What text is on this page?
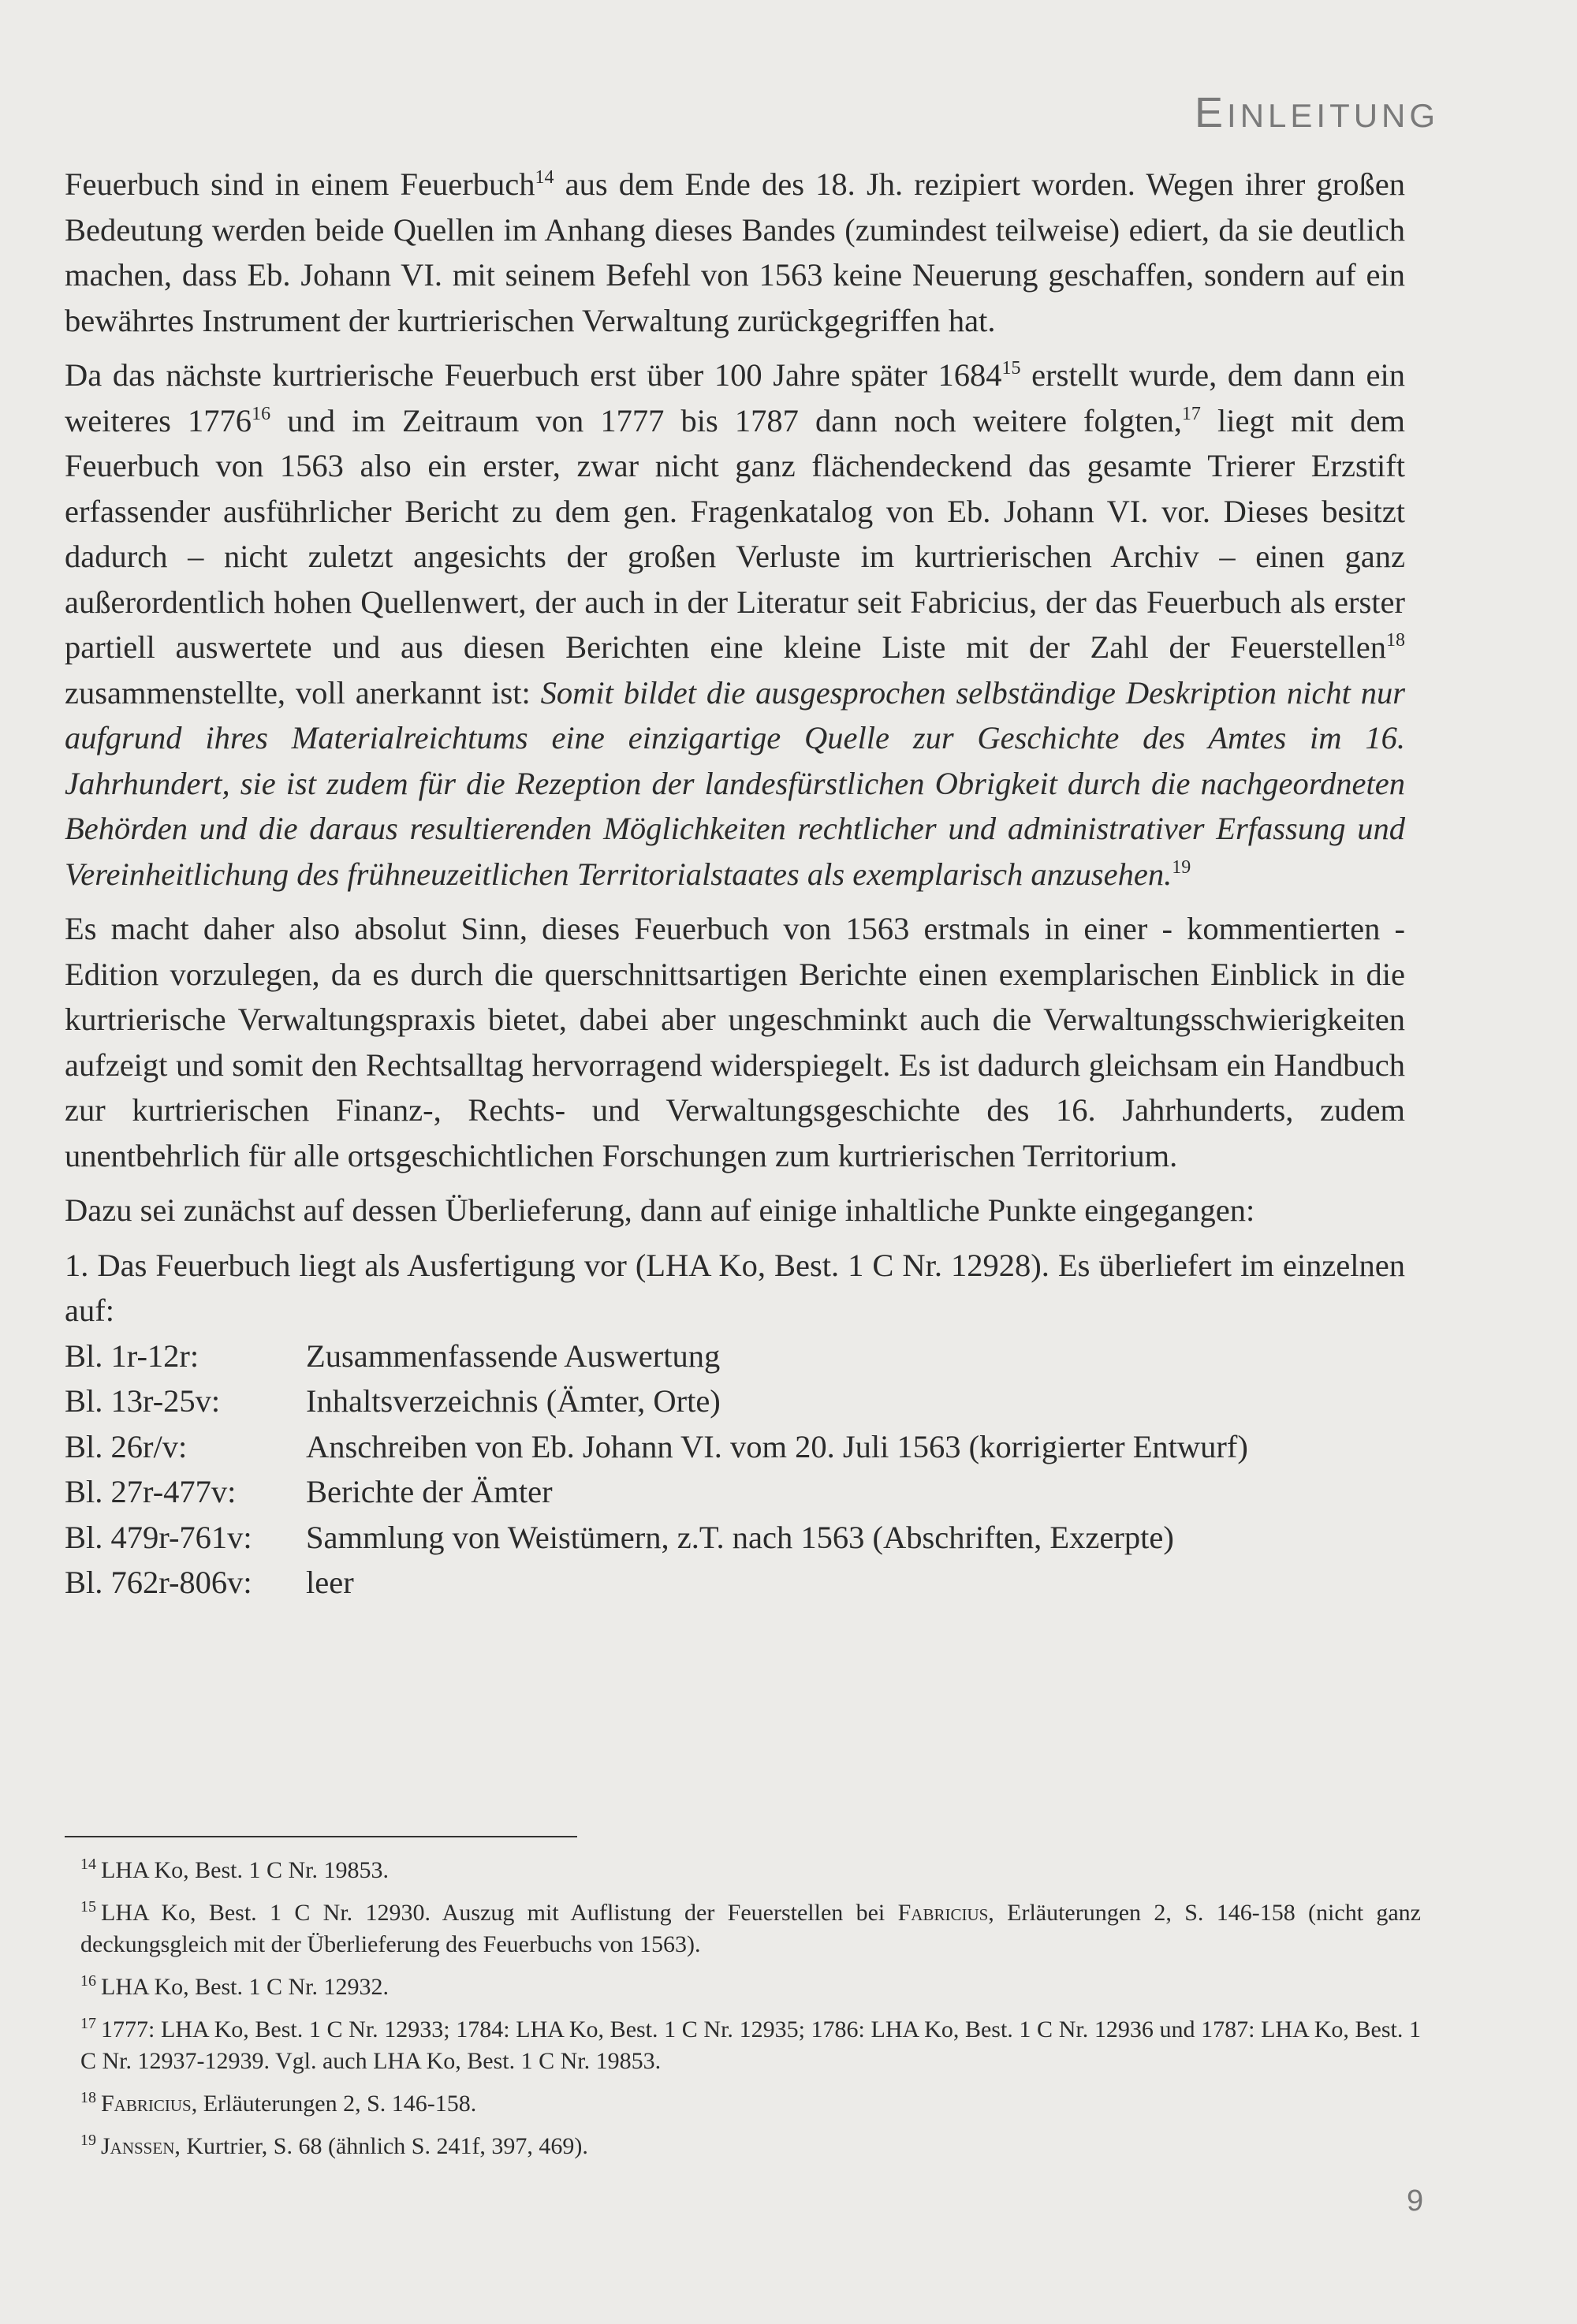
EINLEITUNG

Feuerbuch sind in einem Feuerbuch$^{14}$ aus dem Ende des 18. Jh. rezipiert worden. Wegen ihrer großen Bedeutung werden beide Quellen im Anhang dieses Bandes (zumindest teilweise) ediert, da sie deutlich machen, dass Eb. Johann VI. mit seinem Befehl von 1563 keine Neuerung geschaffen, sondern auf ein bewährtes Instrument der kurtrierischen Verwaltung zurückgegriffen hat.

Da das nächste kurtrierische Feuerbuch erst über 100 Jahre später 1684$^{15}$ erstellt wurde, dem dann ein weiteres 1776$^{16}$ und im Zeitraum von 1777 bis 1787 dann noch weitere folgten,$^{17}$ liegt mit dem Feuerbuch von 1563 also ein erster, zwar nicht ganz flächendeckend das gesamte Trierer Erzstift erfassender ausführlicher Bericht zu dem gen. Fragenkatalog von Eb. Johann VI. vor. Dieses besitzt dadurch – nicht zuletzt angesichts der großen Verluste im kurtrierischen Archiv – einen ganz außerordentlich hohen Quellenwert, der auch in der Literatur seit Fabricius, der das Feuerbuch als erster partiell auswertete und aus diesen Berichten eine kleine Liste mit der Zahl der Feuerstellen$^{18}$ zusammenstellte, voll anerkannt ist: Somit bildet die ausgesprochen selbständige Deskription nicht nur aufgrund ihres Materialreichtums eine einzigartige Quelle zur Geschichte des Amtes im 16. Jahrhundert, sie ist zudem für die Rezeption der landesfürstlichen Obrigkeit durch die nachgeordneten Behörden und die daraus resultierenden Möglichkeiten rechtlicher und administrativer Erfassung und Vereinheitlichung des frühneuzeitlichen Territorialstaates als exemplarisch anzusehen.$^{19}$

Es macht daher also absolut Sinn, dieses Feuerbuch von 1563 erstmals in einer - kommentierten - Edition vorzulegen, da es durch die querschnittsartigen Berichte einen exemplarischen Einblick in die kurtrierische Verwaltungspraxis bietet, dabei aber ungeschminkt auch die Verwaltungsschwierigkeiten aufzeigt und somit den Rechtsalltag hervorragend widerspiegelt. Es ist dadurch gleichsam ein Handbuch zur kurtrierischen Finanz-, Rechts- und Verwaltungsgeschichte des 16. Jahrhunderts, zudem unentbehrlich für alle ortsgeschichtlichen Forschungen zum kurtrierischen Territorium.

Dazu sei zunächst auf dessen Überlieferung, dann auf einige inhaltliche Punkte eingegangen:

1. Das Feuerbuch liegt als Ausfertigung vor (LHA Ko, Best. 1 C Nr. 12928). Es überliefert im einzelnen auf:

Bl. 1r-12r:	Zusammenfassende Auswertung
Bl. 13r-25v:	Inhaltsverzeichnis (Ämter, Orte)
Bl. 26r/v:	Anschreiben von Eb. Johann VI. vom 20. Juli 1563 (korrigierter Entwurf)
Bl. 27r-477v:	Berichte der Ämter
Bl. 479r-761v:	Sammlung von Weistümern, z.T. nach 1563 (Abschriften, Exzerpte)
Bl. 762r-806v:	leer
$^{14}$ LHA Ko, Best. 1 C Nr. 19853.
$^{15}$ LHA Ko, Best. 1 C Nr. 12930. Auszug mit Auflistung der Feuerstellen bei Fabricius, Erläuterungen 2, S. 146-158 (nicht ganz deckungsgleich mit der Überlieferung des Feuerbuchs von 1563).
$^{16}$ LHA Ko, Best. 1 C Nr. 12932.
$^{17}$ 1777: LHA Ko, Best. 1 C Nr. 12933; 1784: LHA Ko, Best. 1 C Nr. 12935; 1786: LHA Ko, Best. 1 C Nr. 12936 und 1787: LHA Ko, Best. 1 C Nr. 12937-12939. Vgl. auch LHA Ko, Best. 1 C Nr. 19853.
$^{18}$ Fabricius, Erläuterungen 2, S. 146-158.
$^{19}$ Janssen, Kurtrier, S. 68 (ähnlich S. 241f, 397, 469).
9
